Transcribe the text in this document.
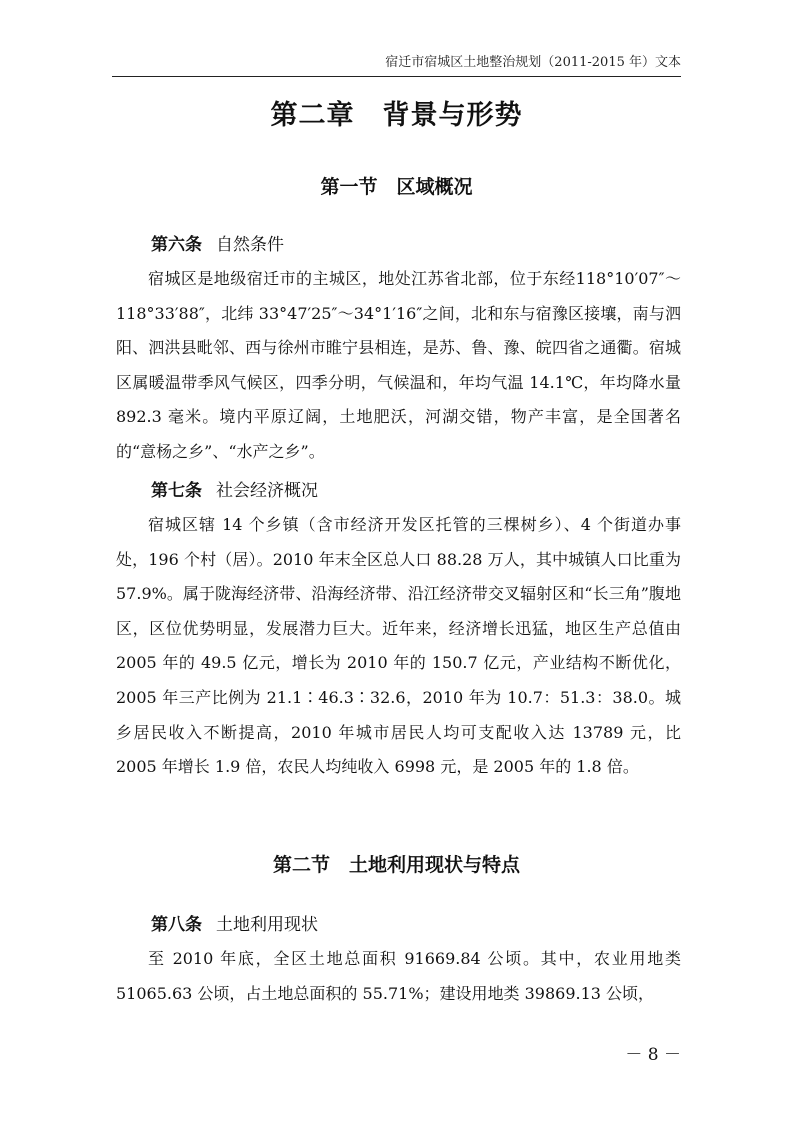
宿迁市宿城区土地整治规划（2011-2015 年）文本
第二章　背景与形势
第一节　区域概况
第六条 自然条件

宿城区是地级宿迁市的主城区，地处江苏省北部，位于东经118°10′07″～118°33′88″，北纬 33°47′25″～34°1′16″之间，北和东与宿豫区接壤，南与泗阳、泗洪县毗邻、西与徐州市睢宁县相连，是苏、鲁、豫、皖四省之通衢。宿城区属暖温带季风气候区，四季分明，气候温和，年均气温 14.1℃，年均降水量 892.3 毫米。境内平原辽阔，土地肥沃，河湖交错，物产丰富，是全国著名的“意杨之乡”、“水产之乡”。

第七条 社会经济概况

宿城区辖 14 个乡镇（含市经济开发区托管的三棵树乡）、4 个街道办事处，196 个村（居）。2010 年末全区总人口 88.28 万人，其中城镇人口比重为 57.9%。属于陇海经济带、沿海经济带、沿江经济带交叉辐射区和“长三角”腹地区，区位优势明显，发展潜力巨大。近年来，经济增长迅猛，地区生产总值由 2005 年的 49.5 亿元，增长为 2010 年的 150.7 亿元，产业结构不断优化，2005 年三产比例为 21.1∶46.3∶32.6，2010 年为 10.7：51.3：38.0。城乡居民收入不断提高，2010 年城市居民人均可支配收入达 13789 元，比 2005 年增长 1.9 倍，农民人均纯收入 6998 元，是 2005 年的 1.8 倍。

第二节　土地利用现状与特点
第八条 土地利用现状

至 2010 年底，全区土地总面积 91669.84 公顷。其中，农业用地类 51065.63 公顷，占土地总面积的 55.71%；建设用地类 39869.13 公顷，

－ 8 －
